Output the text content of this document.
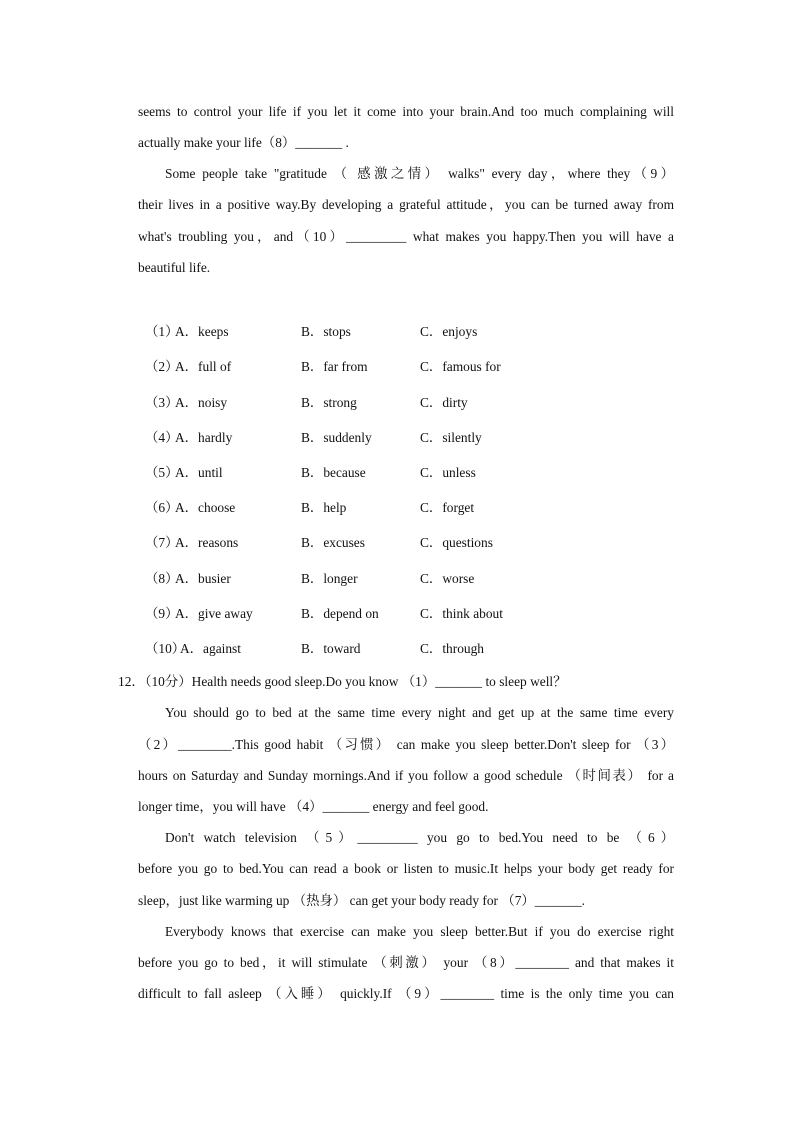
seems to control your life if you let it come into your brain.And too much complaining will
actually make your life（8）_______ .
Some people take "gratitude （ 感激之情） walks" every day，where they（9）
their lives in a positive way.By developing a grateful attitude，you can be turned away from
what's troubling you，and（10）_________ what makes you happy.Then you will have a
beautiful life.
（1）
A．keeps	B．stops	C．enjoys
（2）
A．full of	B．far from	C．famous for
（3）
A．noisy	B．strong	C．dirty
（4）
A．hardly	B．suddenly	C．silently
（5）
A．until	B．because	C．unless
（6）
A．choose	B．help	C．forget
（7）
A．reasons	B．excuses	C．questions
（8）
A．busier	B．longer	C．worse
（9）
A．give away	B．depend on	C．think about
（10）
A．against	B．toward	C．through
12．（10分）Health needs good sleep.Do you know （1）_______ to sleep well？
You should go to bed at the same time every night and get up at the same time every
（2）________.This good habit （习惯） can make you sleep better.Don't sleep for （3）
hours on Saturday and Sunday mornings.And if you follow a good schedule （时间表） for a
longer time，you will have （4）_______ energy and feel good.
Don't watch television （5）_________ you go to bed.You need to be （6）
before you go to bed.You can read a book or listen to music.It helps your body get ready for
sleep，just like warming up （热身） can get your body ready for （7）_______.
Everybody knows that exercise can make you sleep better.But if you do exercise right
before you go to bed，it will stimulate （刺激） your （8）________ and that makes it
difficult to fall asleep （入睡） quickly.If （9）________ time is the only time you can
